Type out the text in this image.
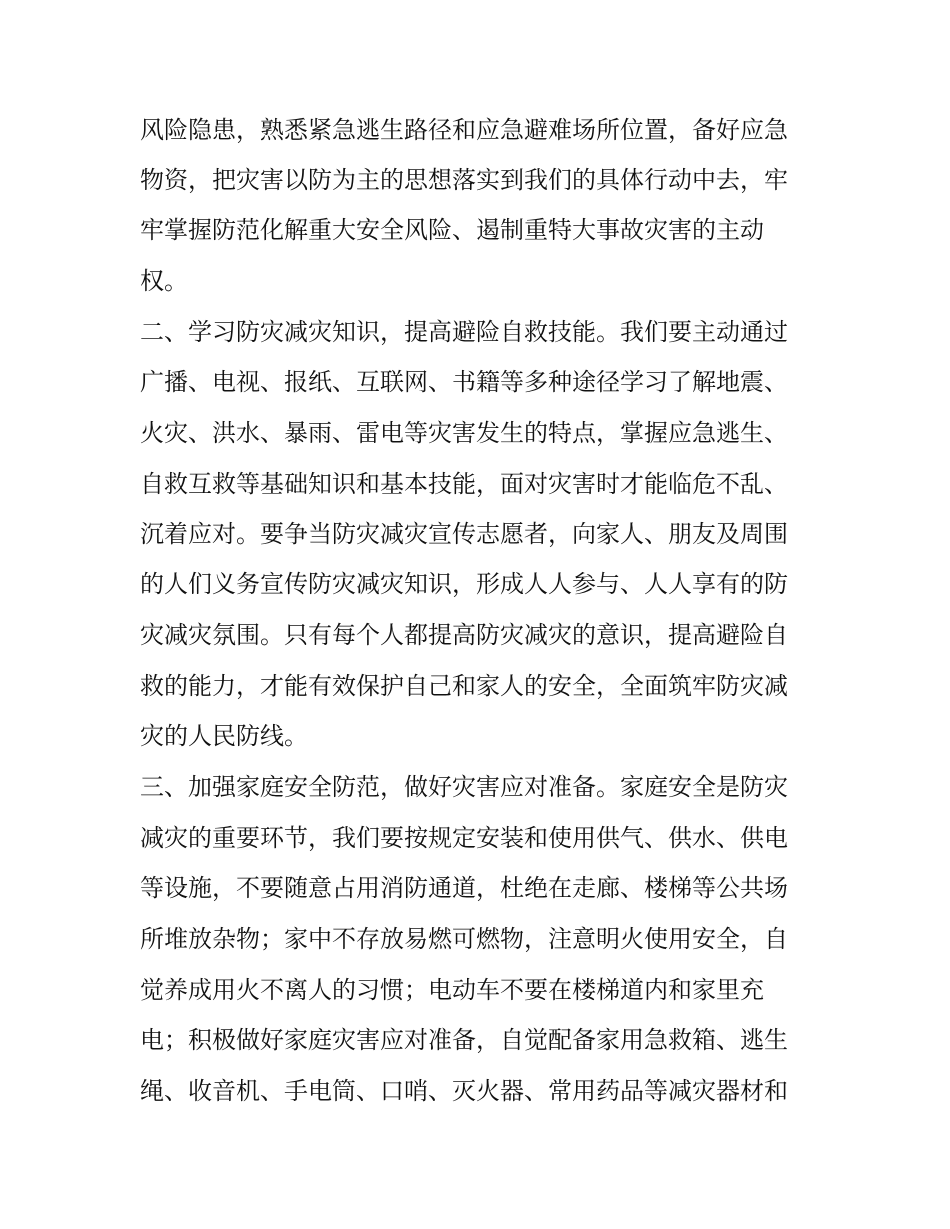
风险隐患，熟悉紧急逃生路径和应急避难场所位置，备好应急
物资，把灾害以防为主的思想落实到我们的具体行动中去，牢
牢掌握防范化解重大安全风险、遏制重特大事故灾害的主动
权。
二、学习防灾减灾知识，提高避险自救技能。我们要主动通过
广播、电视、报纸、互联网、书籍等多种途径学习了解地震、
火灾、洪水、暴雨、雷电等灾害发生的特点，掌握应急逃生、
自救互救等基础知识和基本技能，面对灾害时才能临危不乱、
沉着应对。要争当防灾减灾宣传志愿者，向家人、朋友及周围
的人们义务宣传防灾减灾知识，形成人人参与、人人享有的防
灾减灾氛围。只有每个人都提高防灾减灾的意识，提高避险自
救的能力，才能有效保护自己和家人的安全，全面筑牢防灾减
灾的人民防线。
三、加强家庭安全防范，做好灾害应对准备。家庭安全是防灾
减灾的重要环节，我们要按规定安装和使用供气、供水、供电
等设施，不要随意占用消防通道，杜绝在走廊、楼梯等公共场
所堆放杂物；家中不存放易燃可燃物，注意明火使用安全，自
觉养成用火不离人的习惯；电动车不要在楼梯道内和家里充
电；积极做好家庭灾害应对准备，自觉配备家用急救箱、逃生
绳、收音机、手电筒、口哨、灭火器、常用药品等减灾器材和
